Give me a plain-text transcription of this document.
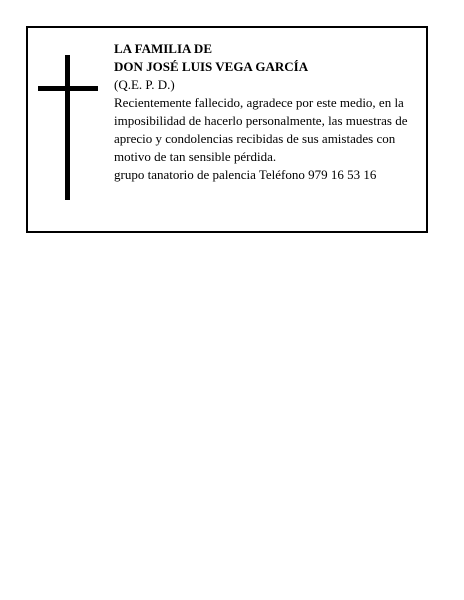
LA FAMILIA DE
DON JOSÉ LUIS VEGA GARCÍA
(Q.E. P. D.)
Recientemente fallecido, agradece por este medio, en la imposibilidad de hacerlo personalmente, las muestras de aprecio y condolencias recibidas de sus amistades con motivo de tan sensible pérdida.
grupo tanatorio de palencia Teléfono 979 16 53 16
